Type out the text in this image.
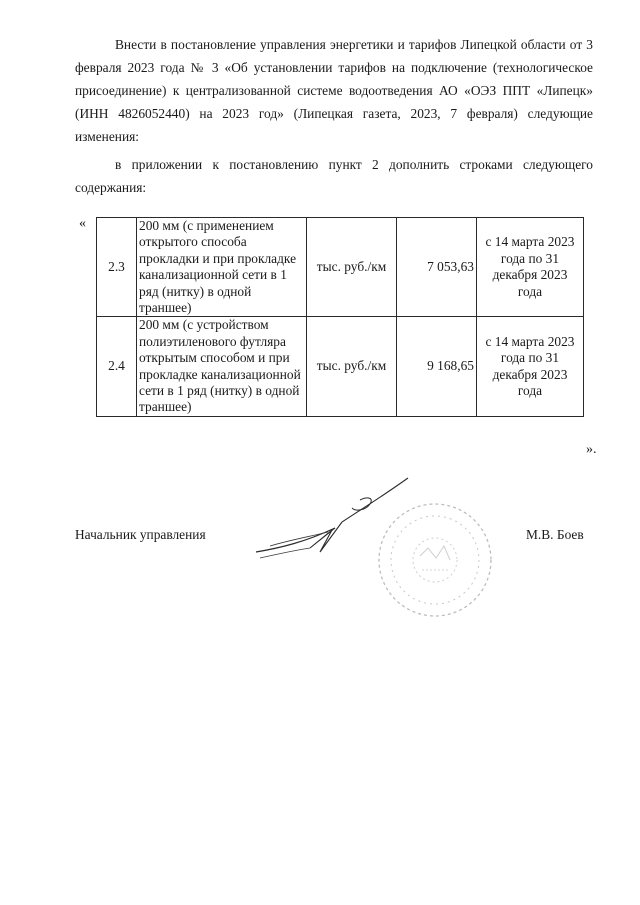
Внести в постановление управления энергетики и тарифов Липецкой области от 3 февраля 2023 года № 3 «Об установлении тарифов на подключение (технологическое присоединение) к централизованной системе водоотведения АО «ОЭЗ ППТ «Липецк» (ИНН 4826052440) на 2023 год» (Липецкая газета, 2023, 7 февраля) следующие изменения:
в приложении к постановлению пункт 2 дополнить строками следующего содержания:
«
2.3	200 мм (с применением открытого способа прокладки и при прокладке канализационной сети в 1 ряд (нитку) в одной траншее)	тыс. руб./км	7 053,63	с 14 марта 2023 года по 31 декабря 2023 года
2.4	200 мм (с устройством полиэтиленового футляра открытым способом и при прокладке канализационной сети в 1 ряд (нитку) в одной траншее)	тыс. руб./км	9 168,65	с 14 марта 2023 года по 31 декабря 2023 года
».
Начальник управления	М.В. Боев
